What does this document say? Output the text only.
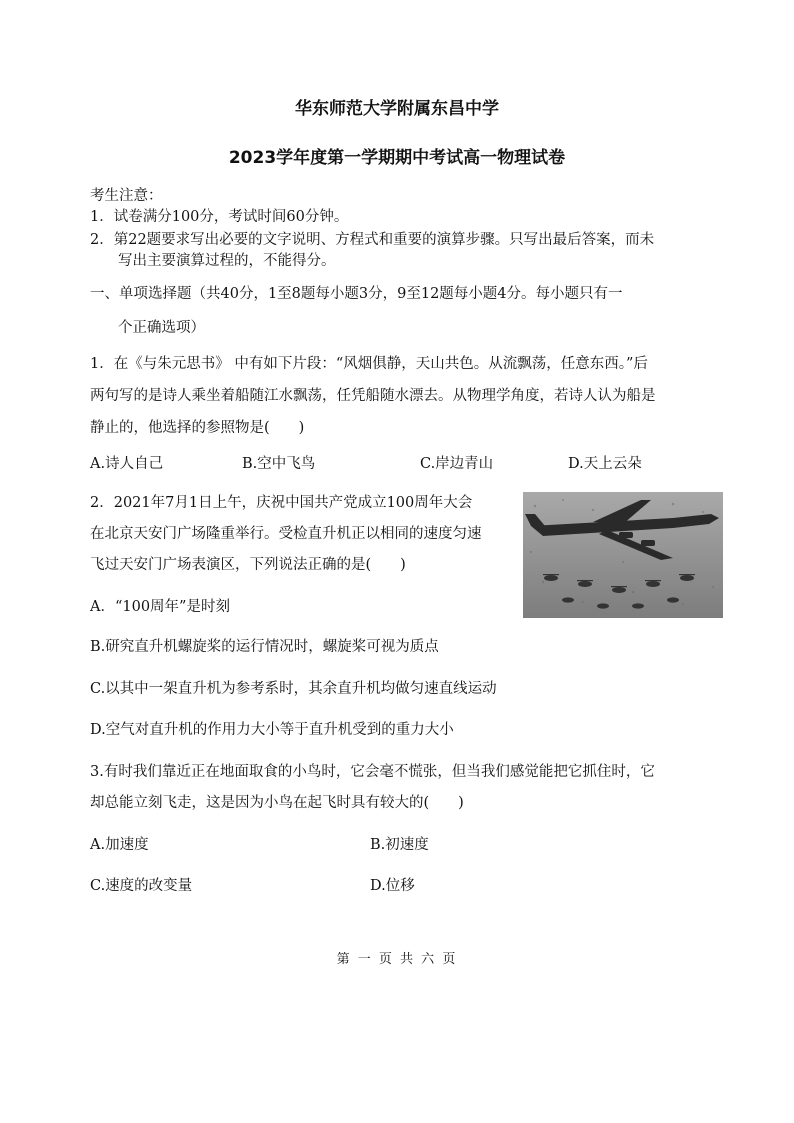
华东师范大学附属东昌中学
2023学年度第一学期期中考试高一物理试卷
考生注意：
1．试卷满分100分，考试时间60分钟。
2．第22题要求写出必要的文字说明、方程式和重要的演算步骤。只写出最后答案，而未
写出主要演算过程的，不能得分。
一、单项选择题（共40分，1至8题每小题3分，9至12题每小题4分。每小题只有一
个正确选项）
1．在《与朱元思书》 中有如下片段：“风烟俱静，天山共色。从流飘荡，任意东西。”后
两句写的是诗人乘坐着船随江水飘荡，任凭船随水漂去。从物理学角度，若诗人认为船是
静止的，他选择的参照物是(　　)
A.诗人自己	B.空中飞鸟	C.岸边青山	D.天上云朵
2．2021年7月1日上午，庆祝中国共产党成立100周年大会
在北京天安门广场隆重举行。受检直升机正以相同的速度匀速
飞过天安门广场表演区，下列说法正确的是(　　)
A．“100周年”是时刻
B.研究直升机螺旋桨的运行情况时，螺旋桨可视为质点
C.以其中一架直升机为参考系时，其余直升机均做匀速直线运动
D.空气对直升机的作用力大小等于直升机受到的重力大小
3.有时我们靠近正在地面取食的小鸟时，它会毫不慌张，但当我们感觉能把它抓住时，它
却总能立刻飞走，这是因为小鸟在起飞时具有较大的(　　)
A.加速度	B.初速度
C.速度的改变量	D.位移
第 一 页 共 六 页
